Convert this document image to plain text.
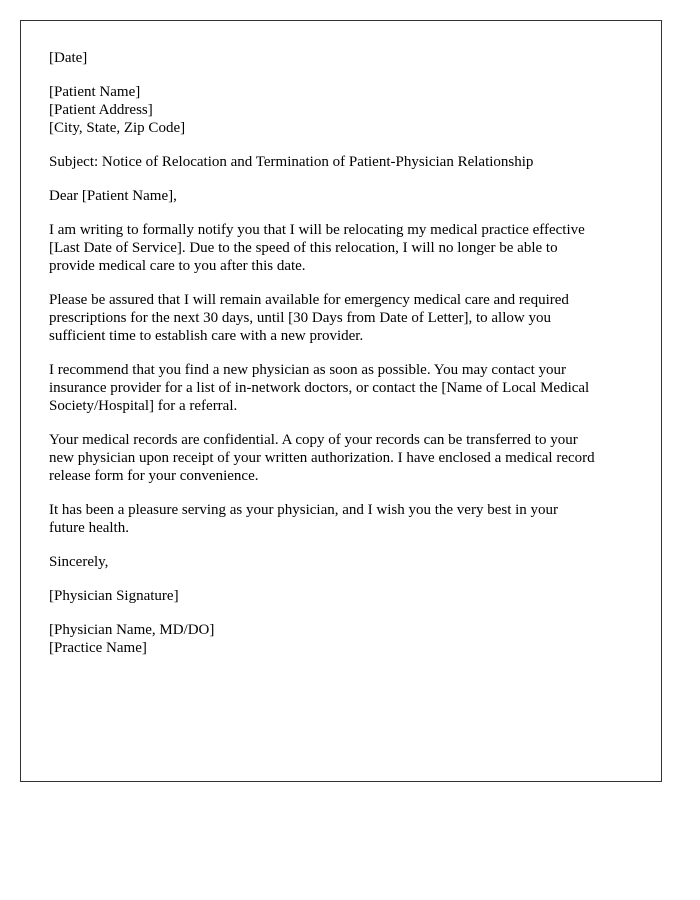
[Date]
[Patient Name]
[Patient Address]
[City, State, Zip Code]
Subject: Notice of Relocation and Termination of Patient-Physician Relationship
Dear [Patient Name],
I am writing to formally notify you that I will be relocating my medical practice effective
[Last Date of Service]. Due to the speed of this relocation, I will no longer be able to
provide medical care to you after this date.
Please be assured that I will remain available for emergency medical care and required
prescriptions for the next 30 days, until [30 Days from Date of Letter], to allow you
sufficient time to establish care with a new provider.
I recommend that you find a new physician as soon as possible. You may contact your
insurance provider for a list of in-network doctors, or contact the [Name of Local Medical
Society/Hospital] for a referral.
Your medical records are confidential. A copy of your records can be transferred to your
new physician upon receipt of your written authorization. I have enclosed a medical record
release form for your convenience.
It has been a pleasure serving as your physician, and I wish you the very best in your
future health.
Sincerely,
[Physician Signature]
[Physician Name, MD/DO]
[Practice Name]
